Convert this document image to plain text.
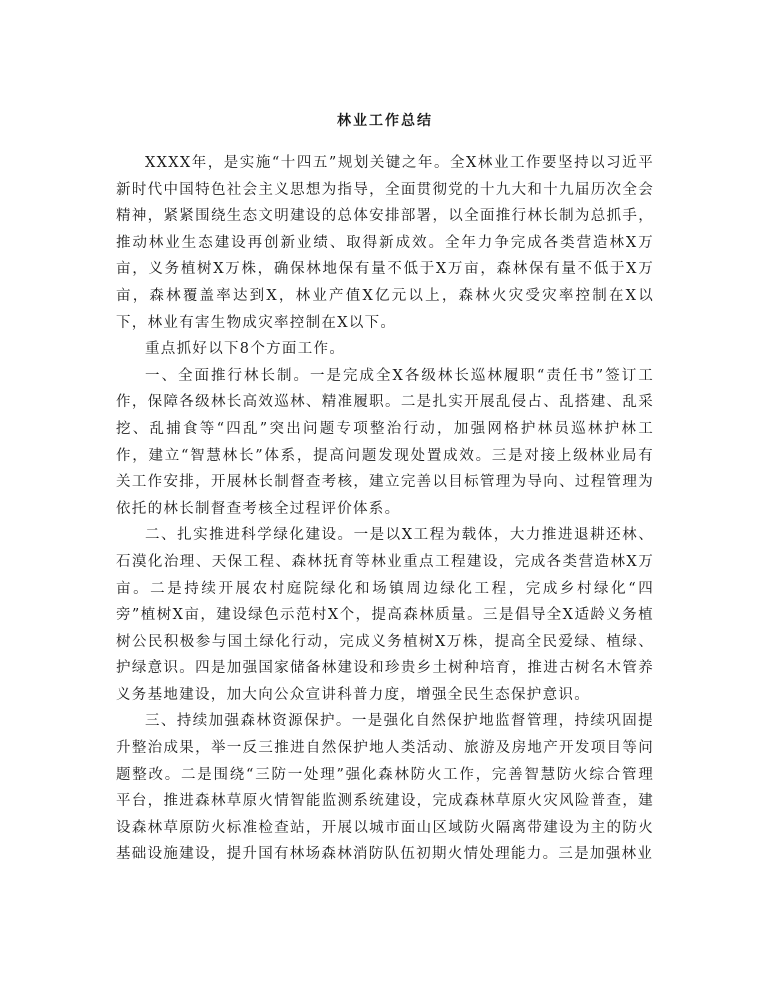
林业工作总结

XXXX年，是实施“十四五”规划关键之年。全X林业工作要坚持以习近平新时代中国特色社会主义思想为指导，全面贯彻党的十九大和十九届历次全会精神，紧紧围绕生态文明建设的总体安排部署，以全面推行林长制为总抓手，推动林业生态建设再创新业绩、取得新成效。全年力争完成各类营造林X万亩，义务植树X万株，确保林地保有量不低于X万亩，森林保有量不低于X万亩，森林覆盖率达到X，林业产值X亿元以上，森林火灾受灾率控制在X以下，林业有害生物成灾率控制在X以下。

重点抓好以下8个方面工作。

一、全面推行林长制。一是完成全X各级林长巡林履职“责任书”签订工作，保障各级林长高效巡林、精准履职。二是扎实开展乱侵占、乱搭建、乱采挖、乱捕食等“四乱”突出问题专项整治行动，加强网格护林员巡林护林工作，建立“智慧林长”体系，提高问题发现处置成效。三是对接上级林业局有关工作安排，开展林长制督查考核，建立完善以目标管理为导向、过程管理为依托的林长制督查考核全过程评价体系。

二、扎实推进科学绿化建设。一是以X工程为载体，大力推进退耕还林、石漠化治理、天保工程、森林抚育等林业重点工程建设，完成各类营造林X万亩。二是持续开展农村庭院绿化和场镇周边绿化工程，完成乡村绿化“四旁”植树X亩，建设绿色示范村X个，提高森林质量。三是倡导全X适龄义务植树公民积极参与国土绿化行动，完成义务植树X万株，提高全民爱绿、植绿、护绿意识。四是加强国家储备林建设和珍贵乡土树种培育，推进古树名木管养义务基地建设，加大向公众宣讲科普力度，增强全民生态保护意识。

三、持续加强森林资源保护。一是强化自然保护地监督管理，持续巩固提升整治成果，举一反三推进自然保护地人类活动、旅游及房地产开发项目等问题整改。二是围绕“三防一处理”强化森林防火工作，完善智慧防火综合管理平台，推进森林草原火情智能监测系统建设，完成森林草原火灾风险普查，建设森林草原防火标准检查站，开展以城市面山区域防火隔离带建设为主的防火基础设施建设，提升国有林场森林消防队伍初期火情处理能力。三是加强林业
